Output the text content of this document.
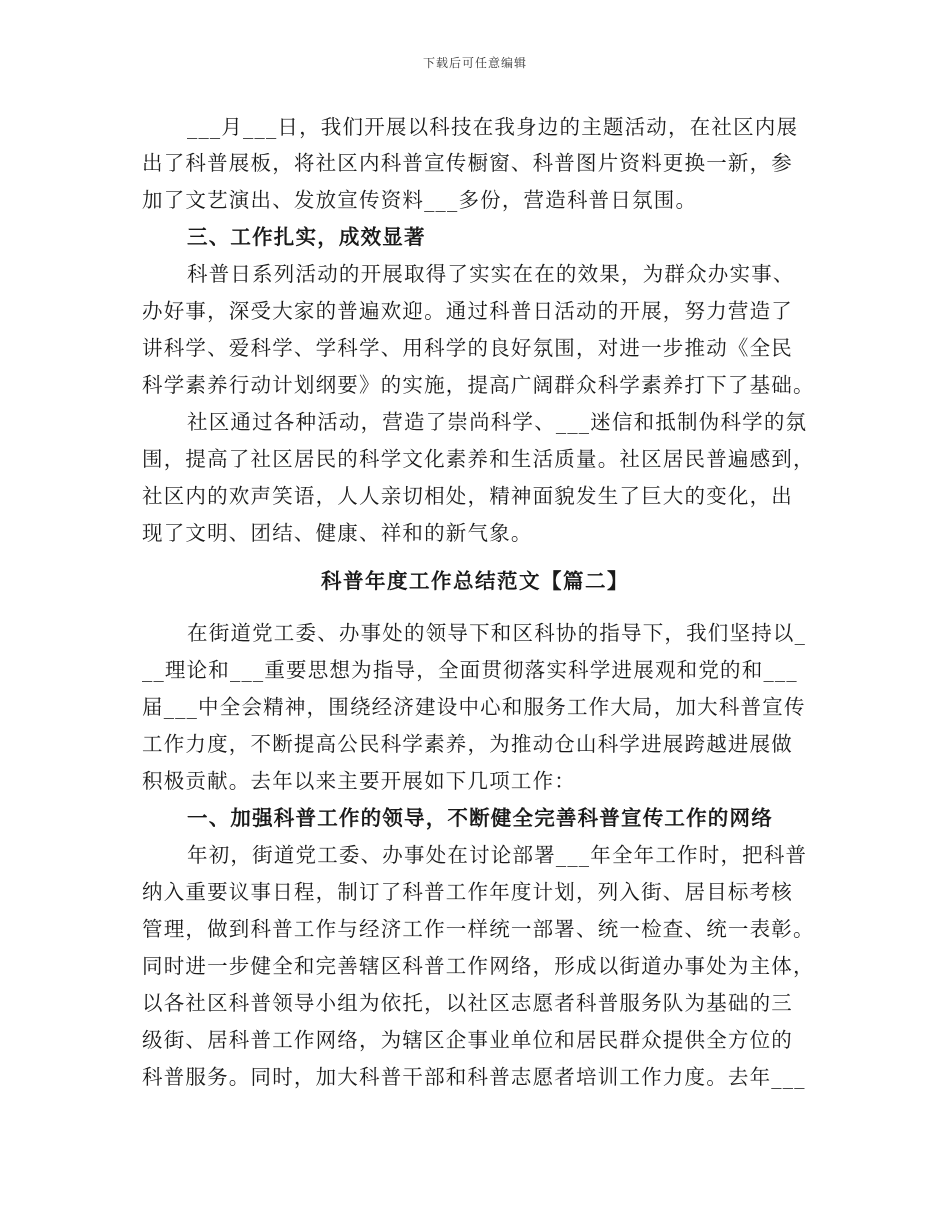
下载后可任意编辑
___月___日，我们开展以科技在我身边的主题活动，在社区内展
出了科普展板，将社区内科普宣传橱窗、科普图片资料更换一新，参
加了文艺演出、发放宣传资料___多份，营造科普日氛围。
三、工作扎实，成效显著
科普日系列活动的开展取得了实实在在的效果，为群众办实事、
办好事，深受大家的普遍欢迎。通过科普日活动的开展，努力营造了
讲科学、爱科学、学科学、用科学的良好氛围，对进一步推动《全民
科学素养行动计划纲要》的实施，提高广阔群众科学素养打下了基础。
社区通过各种活动，营造了崇尚科学、___迷信和抵制伪科学的氛
围，提高了社区居民的科学文化素养和生活质量。社区居民普遍感到，
社区内的欢声笑语，人人亲切相处，精神面貌发生了巨大的变化，出
现了文明、团结、健康、祥和的新气象。
科普年度工作总结范文【篇二】
在街道党工委、办事处的领导下和区科协的指导下，我们坚持以_
__理论和___重要思想为指导，全面贯彻落实科学进展观和党的和___
届___中全会精神，围绕经济建设中心和服务工作大局，加大科普宣传
工作力度，不断提高公民科学素养，为推动仓山科学进展跨越进展做
积极贡献。去年以来主要开展如下几项工作：
一、加强科普工作的领导，不断健全完善科普宣传工作的网络
年初，街道党工委、办事处在讨论部署___年全年工作时，把科普
纳入重要议事日程，制订了科普工作年度计划，列入街、居目标考核
管理，做到科普工作与经济工作一样统一部署、统一检查、统一表彰。
同时进一步健全和完善辖区科普工作网络，形成以街道办事处为主体，
以各社区科普领导小组为依托，以社区志愿者科普服务队为基础的三
级街、居科普工作网络，为辖区企事业单位和居民群众提供全方位的
科普服务。同时，加大科普干部和科普志愿者培训工作力度。去年___
